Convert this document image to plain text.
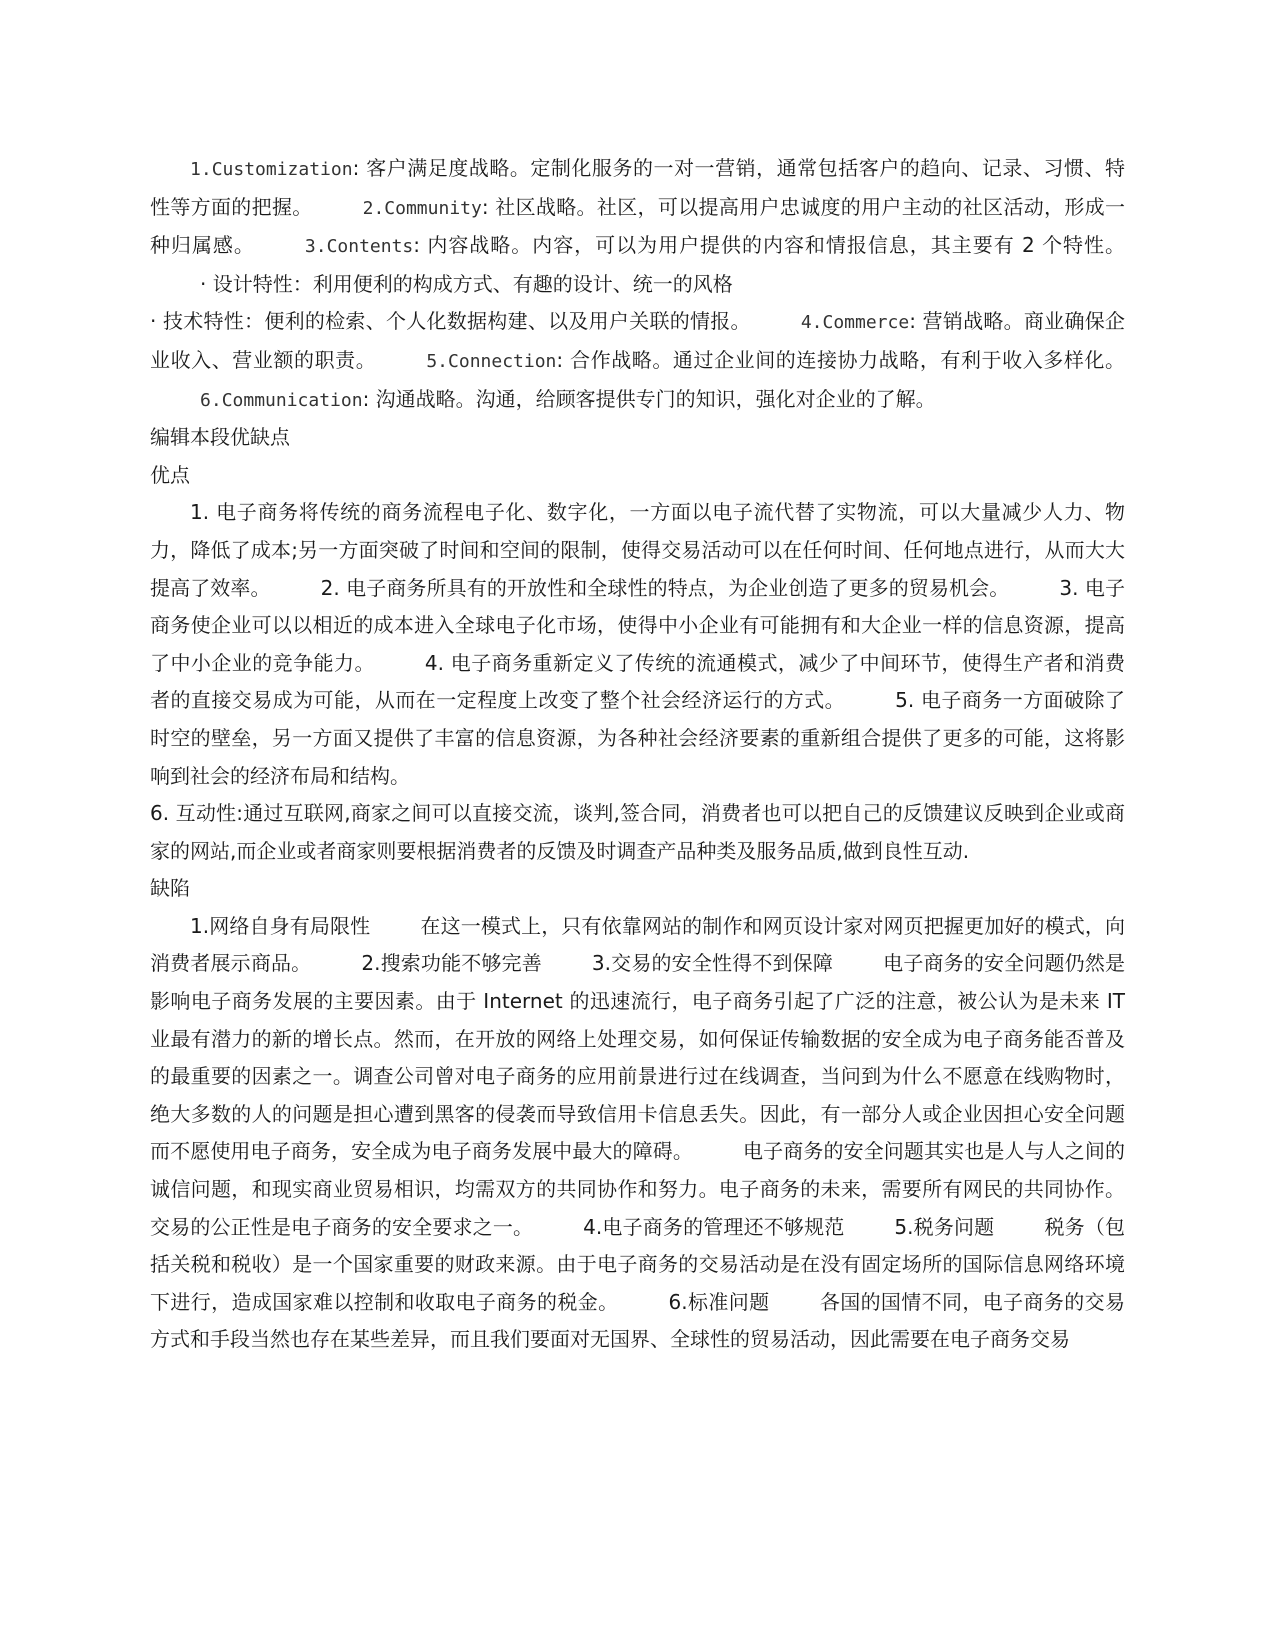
1.Customization: 客户满足度战略。定制化服务的一对一营销，通常包括客户的趋向、记录、习惯、特性等方面的把握。	2.Community: 社区战略。社区，可以提高用户忠诚度的用户主动的社区活动，形成一种归属感。	3.Contents: 内容战略。内容，可以为用户提供的内容和情报信息，其主要有 2 个特性。· 设计特性：利用便利的构成方式、有趣的设计、统一的风格
· 技术特性：便利的检索、个人化数据构建、以及用户关联的情报。	4.Commerce: 营销战略。商业确保企业收入、营业额的职责。	5.Connection: 合作战略。通过企业间的连接协力战略，有利于收入多样化。6.Communication: 沟通战略。沟通，给顾客提供专门的知识，强化对企业的了解。

编辑本段优缺点

优点

1. 电子商务将传统的商务流程电子化、数字化，一方面以电子流代替了实物流，可以大量减少人力、物力，降低了成本;另一方面突破了时间和空间的限制，使得交易活动可以在任何时间、任何地点进行，从而大大提高了效率。	2. 电子商务所具有的开放性和全球性的特点，为企业创造了更多的贸易机会。	3. 电子商务使企业可以以相近的成本进入全球电子化市场，使得中小企业有可能拥有和大企业一样的信息资源，提高了中小企业的竞争能力。	4. 电子商务重新定义了传统的流通模式，减少了中间环节，使得生产者和消费者的直接交易成为可能，从而在一定程度上改变了整个社会经济运行的方式。	5. 电子商务一方面破除了时空的壁垒，另一方面又提供了丰富的信息资源，为各种社会经济要素的重新组合提供了更多的可能，这将影响到社会的经济布局和结构。

6. 互动性:通过互联网,商家之间可以直接交流，谈判,签合同，消费者也可以把自己的反馈建议反映到企业或商家的网站,而企业或者商家则要根据消费者的反馈及时调查产品种类及服务品质,做到良性互动.

缺陷

1.网络自身有局限性	在这一模式上，只有依靠网站的制作和网页设计家对网页把握更加好的模式，向消费者展示商品。	2.搜索功能不够完善	3.交易的安全性得不到保障	电子商务的安全问题仍然是影响电子商务发展的主要因素。由于 Internet 的迅速流行，电子商务引起了广泛的注意，被公认为是未来 IT 业最有潜力的新的增长点。然而，在开放的网络上处理交易，如何保证传输数据的安全成为电子商务能否普及的最重要的因素之一。调查公司曾对电子商务的应用前景进行过在线调查，当问到为什么不愿意在线购物时，绝大多数的人的问题是担心遭到黑客的侵袭而导致信用卡信息丢失。因此，有一部分人或企业因担心安全问题而不愿使用电子商务，安全成为电子商务发展中最大的障碍。	电子商务的安全问题其实也是人与人之间的诚信问题，和现实商业贸易相识，均需双方的共同协作和努力。电子商务的未来，需要所有网民的共同协作。交易的公正性是电子商务的安全要求之一。	4.电子商务的管理还不够规范	5.税务问题	税务（包括关税和税收）是一个国家重要的财政来源。由于电子商务的交易活动是在没有固定场所的国际信息网络环境下进行，造成国家难以控制和收取电子商务的税金。	6.标准问题	各国的国情不同，电子商务的交易方式和手段当然也存在某些差异，而且我们要面对无国界、全球性的贸易活动，因此需要在电子商务交易
